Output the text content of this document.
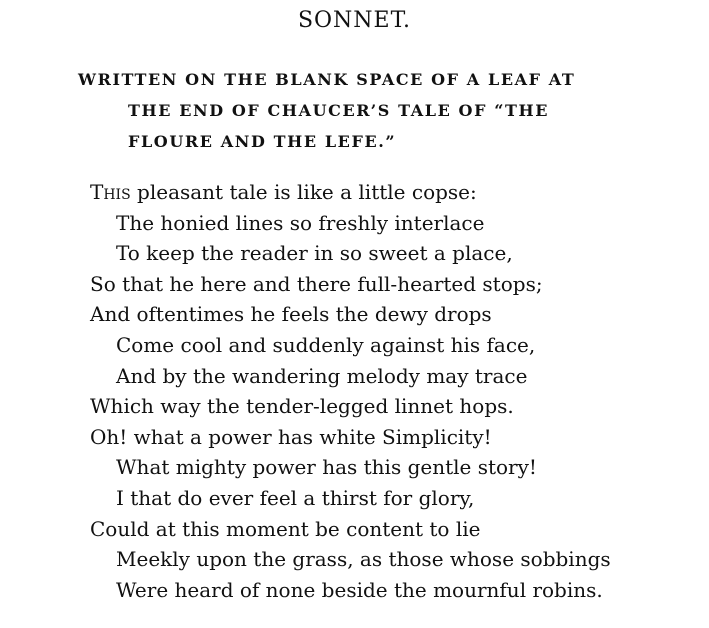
SONNET.
WRITTEN ON THE BLANK SPACE OF A LEAF AT
THE END OF CHAUCER’S TALE OF “THE
FLOURE AND THE LEFE.”
This pleasant tale is like a little copse:
The honied lines so freshly interlace
To keep the reader in so sweet a place,
So that he here and there full-hearted stops;
And oftentimes he feels the dewy drops
Come cool and suddenly against his face,
And by the wandering melody may trace
Which way the tender-legged linnet hops.
Oh! what a power has white Simplicity!
What mighty power has this gentle story!
I that do ever feel a thirst for glory,
Could at this moment be content to lie
Meekly upon the grass, as those whose sobbings
Were heard of none beside the mournful robins.
